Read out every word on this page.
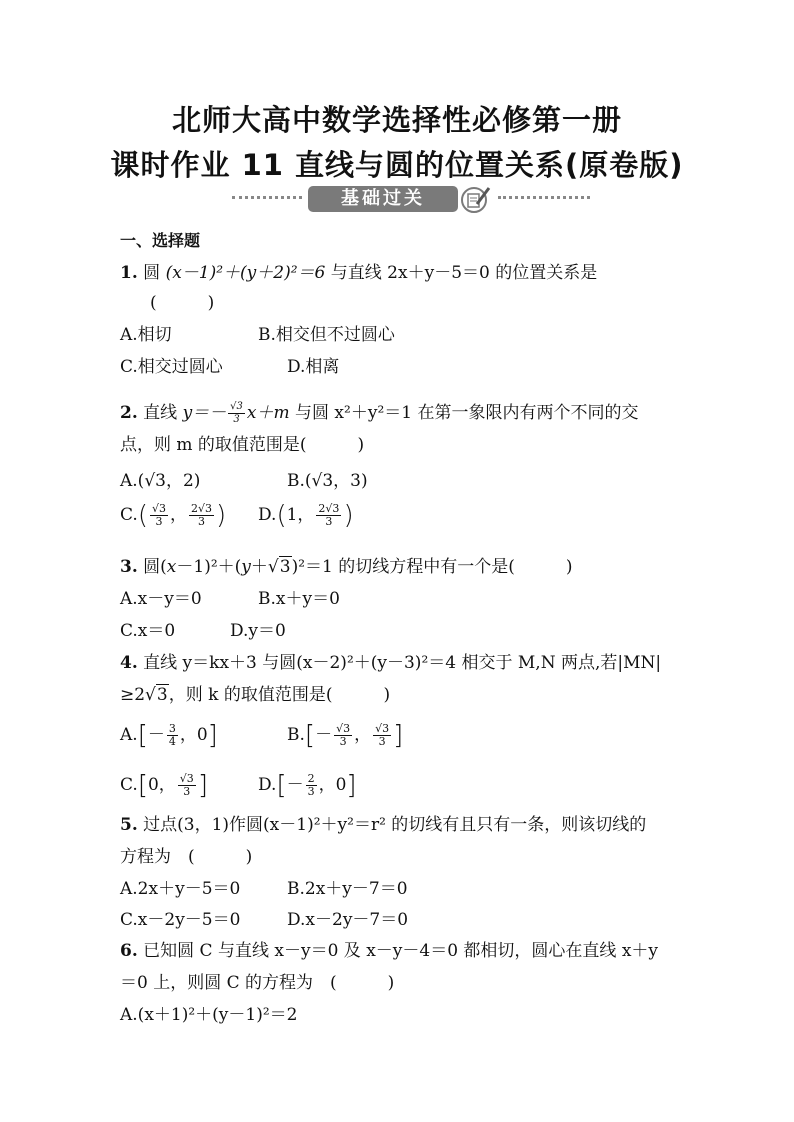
北师大高中数学选择性必修第一册
课时作业 11 直线与圆的位置关系(原卷版)
基础过关
一、选择题
1. 圆 (x－1)²＋(y＋2)²＝6 与直线 2x＋y－5＝0 的位置关系是
(　　　)
A.相切	B.相交但不过圆心
C.相交过圆心	D.相离
2. 直线 $y=- \frac{√3}{3} x+m$ 与圆 x²＋y²＝1 在第一象限内有两个不同的交
点，则 m 的取值范围是(　　　)
A.(√3，2)	B.(√3，3)
$C.( \frac{√3}{3}$ ， $\frac{2√3}{3}$ ) D.(1， $\frac{2√3}{3}$ )
3. 圆(x－1)²＋(y＋√3)²＝1 的切线方程中有一个是(　　　)
A.x－y＝0	B.x＋y＝0
C.x＝0	D.y＝0
4. 直线 y＝kx＋3 与圆(x－2)²＋(y－3)²＝4 相交于 M,N 两点,若|MN|
≥2√3，则 k 的取值范围是(　　　)
$A.[- \frac{3}{4}$ ，0]	$B.[- \frac{√3}{3}$ ， $\frac{√3}{3}$ ]
C.[0， $\frac{√3}{3}$ ]	$D.[- \frac{2}{3}$ ，0]
5. 过点(3，1)作圆(x－1)²＋y²＝r² 的切线有且只有一条，则该切线的
方程为　(　　　)
A.2x＋y－5＝0	B.2x＋y－7＝0
C.x－2y－5＝0	D.x－2y－7＝0
6. 已知圆 C 与直线 x－y＝0 及 x－y－4＝0 都相切，圆心在直线 x＋y
＝0 上，则圆 C 的方程为　(　　　)
A.(x＋1)²＋(y－1)²＝2
